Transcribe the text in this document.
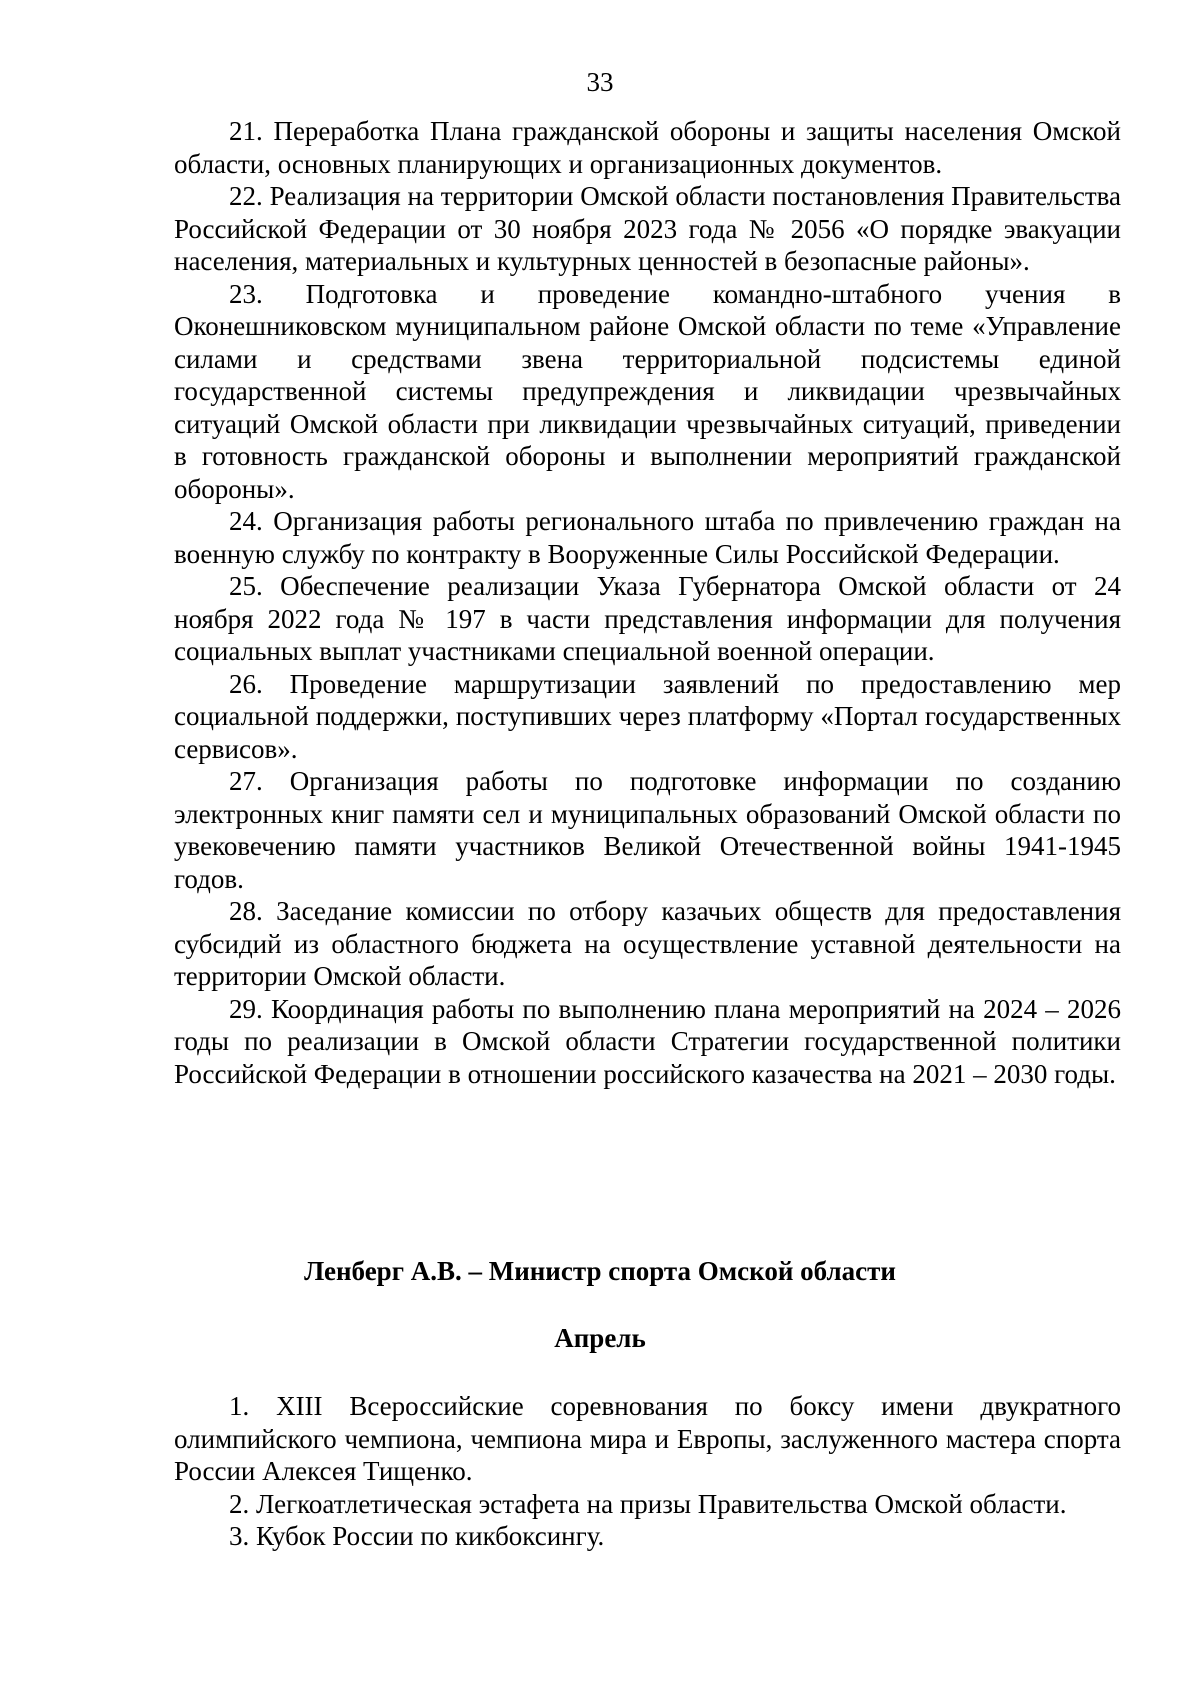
33

21. Переработка Плана гражданской обороны и защиты населения Омской области, основных планирующих и организационных документов.

22. Реализация на территории Омской области постановления Правительства Российской Федерации от 30 ноября 2023 года № 2056 «О порядке эвакуации населения, материальных и культурных ценностей в безопасные районы».

23. Подготовка и проведение командно-штабного учения в Оконешниковском муниципальном районе Омской области по теме «Управление силами и средствами звена территориальной подсистемы единой государственной системы предупреждения и ликвидации чрезвычайных ситуаций Омской области при ликвидации чрезвычайных ситуаций, приведении в готовность гражданской обороны и выполнении мероприятий гражданской обороны».

24. Организация работы регионального штаба по привлечению граждан на военную службу по контракту в Вооруженные Силы Российской Федерации.

25. Обеспечение реализации Указа Губернатора Омской области от 24 ноября 2022 года № 197 в части представления информации для получения социальных выплат участниками специальной военной операции.

26. Проведение маршрутизации заявлений по предоставлению мер социальной поддержки, поступивших через платформу «Портал государственных сервисов».

27. Организация работы по подготовке информации по созданию электронных книг памяти сел и муниципальных образований Омской области по увековечению памяти участников Великой Отечественной войны 1941-1945 годов.

28. Заседание комиссии по отбору казачьих обществ для предоставления субсидий из областного бюджета на осуществление уставной деятельности на территории Омской области.

29. Координация работы по выполнению плана мероприятий на 2024 – 2026 годы по реализации в Омской области Стратегии государственной политики Российской Федерации в отношении российского казачества на 2021 – 2030 годы.

Ленберг А.В. – Министр спорта Омской области
Апрель

1. XIII Всероссийские соревнования по боксу имени двукратного олимпийского чемпиона, чемпиона мира и Европы, заслуженного мастера спорта России Алексея Тищенко.

2. Легкоатлетическая эстафета на призы Правительства Омской области.

3. Кубок России по кикбоксингу.
